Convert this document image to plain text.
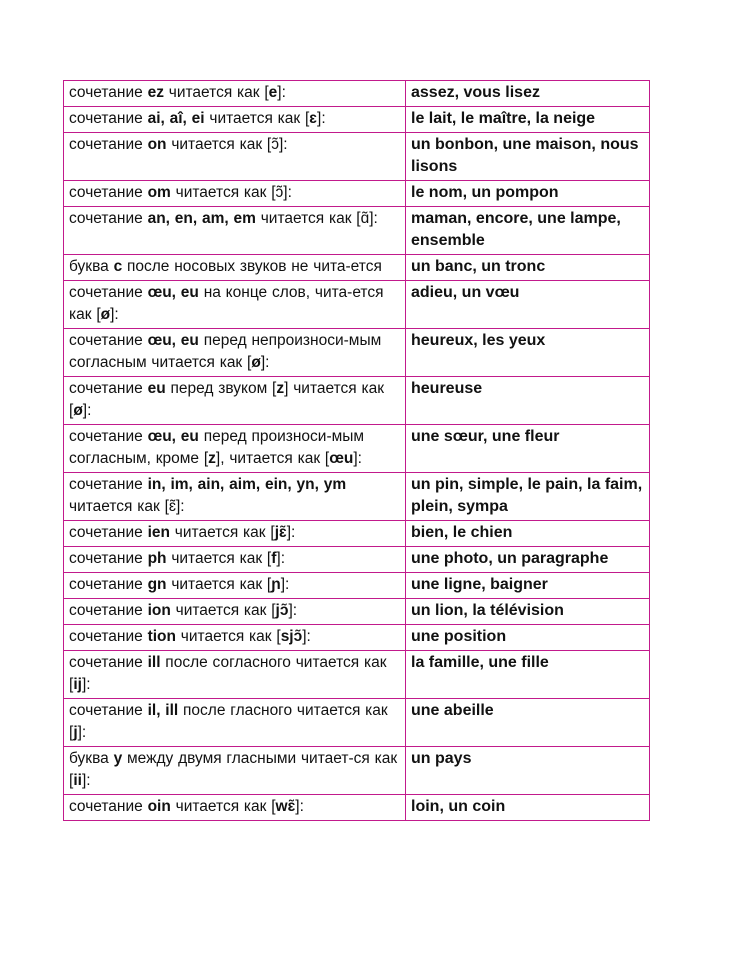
сочетание ez читается как [e]:	assez, vous lisez
сочетание ai, aî, ei читается как [ɛ]:	le lait, le maître, la neige
сочетание on читается как [ɔ̃]:	un bonbon, une maison, nous lisons
сочетание om читается как [ɔ̃]:	le nom, un pompon
сочетание an, en, am, em читается как [ɑ̃]:	maman, encore, une lampe, ensemble
буква c после носовых звуков не чита-ется	un banc, un tronc
сочетание œu, eu на конце слов, чита-ется как [ø]:	adieu, un vœu
сочетание œu, eu перед непроизноси-мым согласным читается как [ø]:	heureux, les yeux
сочетание eu перед звуком [z] читается как [ø]:	heureuse
сочетание œu, eu перед произноси-мым согласным, кроме [z], читается как [œu]:	une sœur, une fleur
сочетание in, im, ain, aim, ein, yn, ym читается как [ɛ̃]:	un pin, simple, le pain, la faim, plein, sympa
сочетание ien читается как [jɛ̃]:	bien, le chien
сочетание ph читается как [f]:	une photo, un paragraphe
сочетание gn читается как [ɲ]:	une ligne, baigner
сочетание ion читается как [jɔ̃]:	un lion, la télévision
сочетание tion читается как [sjɔ̃]:	une position
сочетание ill после согласного читается как [ij]:	la famille, une fille
сочетание il, ill после гласного читается как [j]:	une abeille
буква y между двумя гласными читает-ся как [ii]:	un pays
сочетание oin читается как [wɛ̃]:	loin, un coin
